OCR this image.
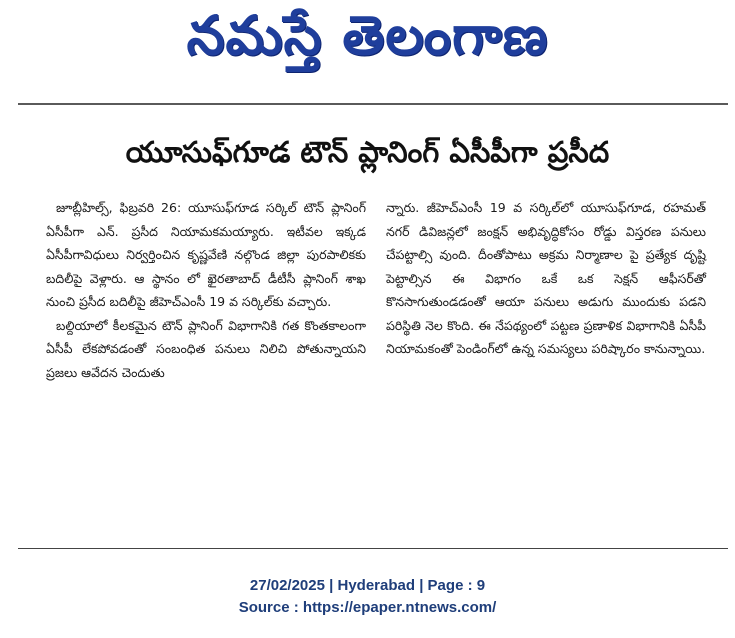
నమస్తే తెలంగాణ
యూసుఫ్‌గూడ టౌన్ ప్లానింగ్ ఏసీపీగా ప్రసీద

జూబ్లీహిల్స్, ఫిబ్రవరి 26: యూసుఫ్‌గూడ సర్కిల్ టౌన్ ప్లానింగ్ ఏసీపీగా ఎన్. ప్రసీద నియామకమయ్యారు. ఇటీవల ఇక్కడ ఏసీపీగావిధులు నిర్వర్తించిన కృష్ణవేణి నల్గొండ జిల్లా పురపాలికకు బదిలీపై వెళ్లారు. ఆ స్థానం లో ఖైరతాబాద్ డీటీసీ ప్లానింగ్ శాఖ నుంచి ప్రసీద బదిలీపై జీహెచ్ఎంసీ 19 వ సర్కిల్‌కు వచ్చారు.

బల్దియాలో కీలకమైన టౌన్ ప్లానింగ్ విభాగానికి గత కొంతకాలంగా ఏసీపీ లేకపోవడంతో సంబంధిత పనులు నిలిచి పోతున్నాయని ప్రజలు ఆవేదన చెందుతు

న్నారు. జీహెచ్ఎంసీ 19 వ సర్కిల్‌లో యూసుఫ్‌గూడ, రహమత్ నగర్ డివిజన్లలో జంక్షన్ అభివృద్ధికోసం రోడ్డు విస్తరణ పనులు చేపట్టాల్సి వుంది. దీంతోపాటు అక్రమ నిర్మాణాల పై ప్రత్యేక దృష్టి పెట్టాల్సిన ఈ విభాగం ఒకే ఒక సెక్షన్ ఆఫీసర్‌తో కొనసాగుతుండడంతో ఆయా పనులు అడుగు ముందుకు పడని పరిస్థితి నెల కొంది. ఈ నేపథ్యంలో పట్టణ ప్రణాళిక విభాగానికి ఏసీపీ నియామకంతో పెండింగ్‌లో ఉన్న సమస్యలు పరిష్కారం కానున్నాయి.

27/02/2025 | Hyderabad | Page : 9
Source : https://epaper.ntnews.com/
